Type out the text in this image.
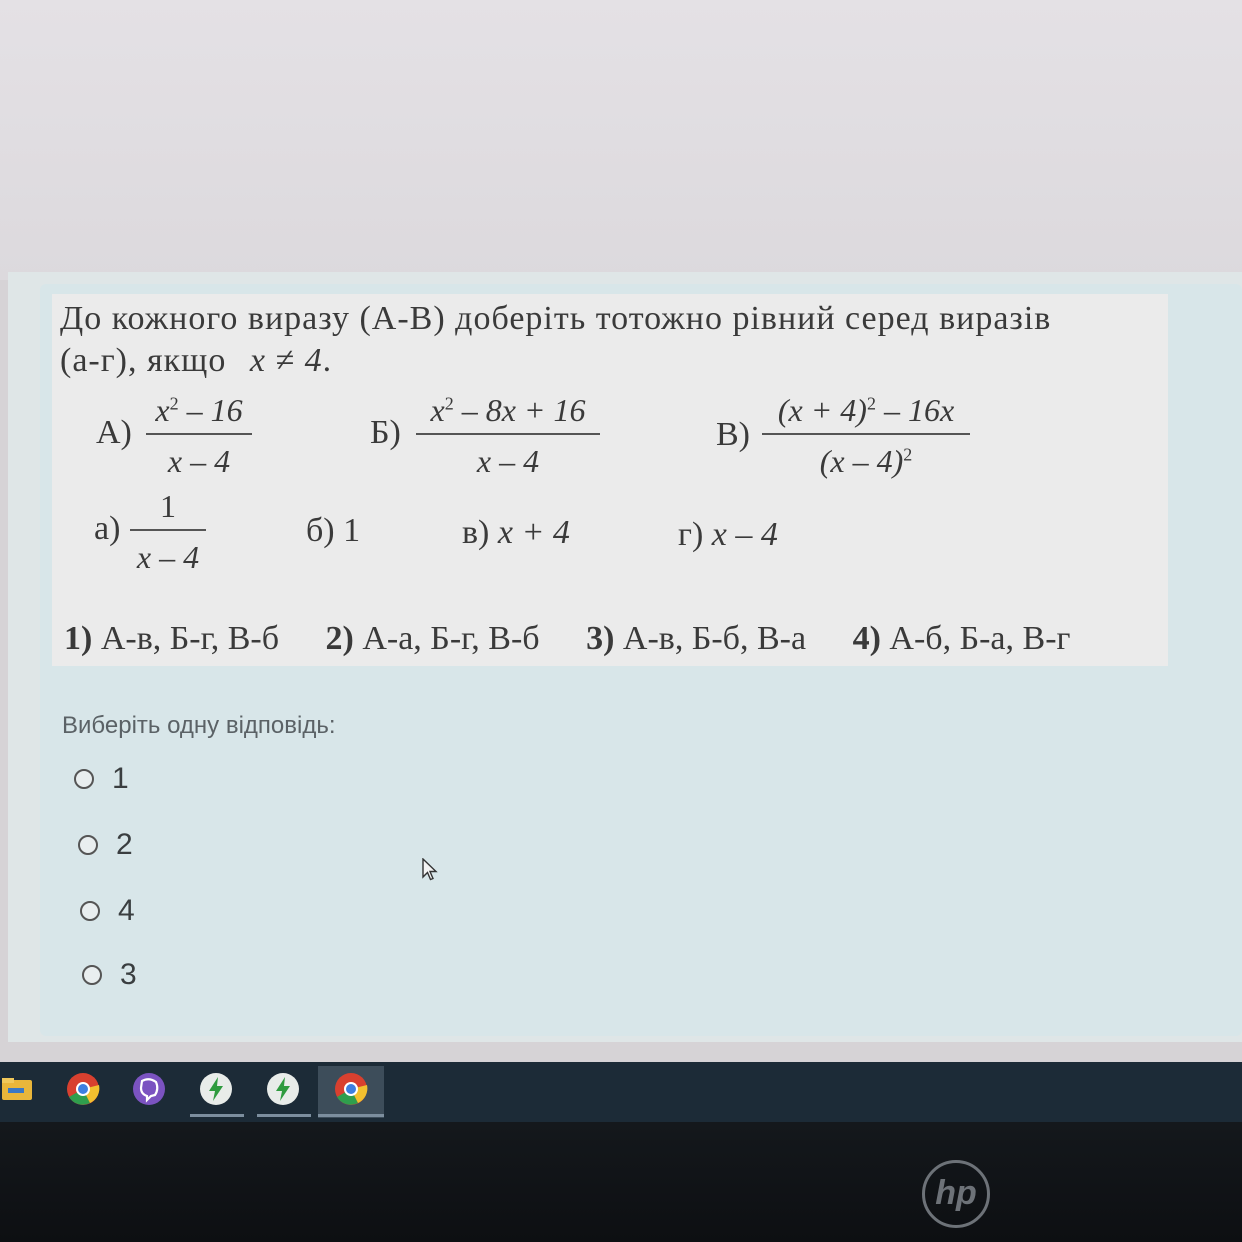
До кожного виразу (А-В) доберіть тотожно рівний серед виразів
(а-г), якщо x ≠ 4.
А)
$x^2 - 16$
x – 4
Б)
$x^2 - 8x + 16$
x – 4
В)
$(x + 4)^2 - 16x$
(x – 4)$^2$
а)
1
x – 4
б) 1	в) x + 4	г) x – 4
1) А-в, Б-г, В-б 2) А-а, Б-г, В-б 3) А-в, Б-б, В-а 4) А-б, Б-а, В-г
Виберіть одну відповідь:
1
2
4
3
hp
